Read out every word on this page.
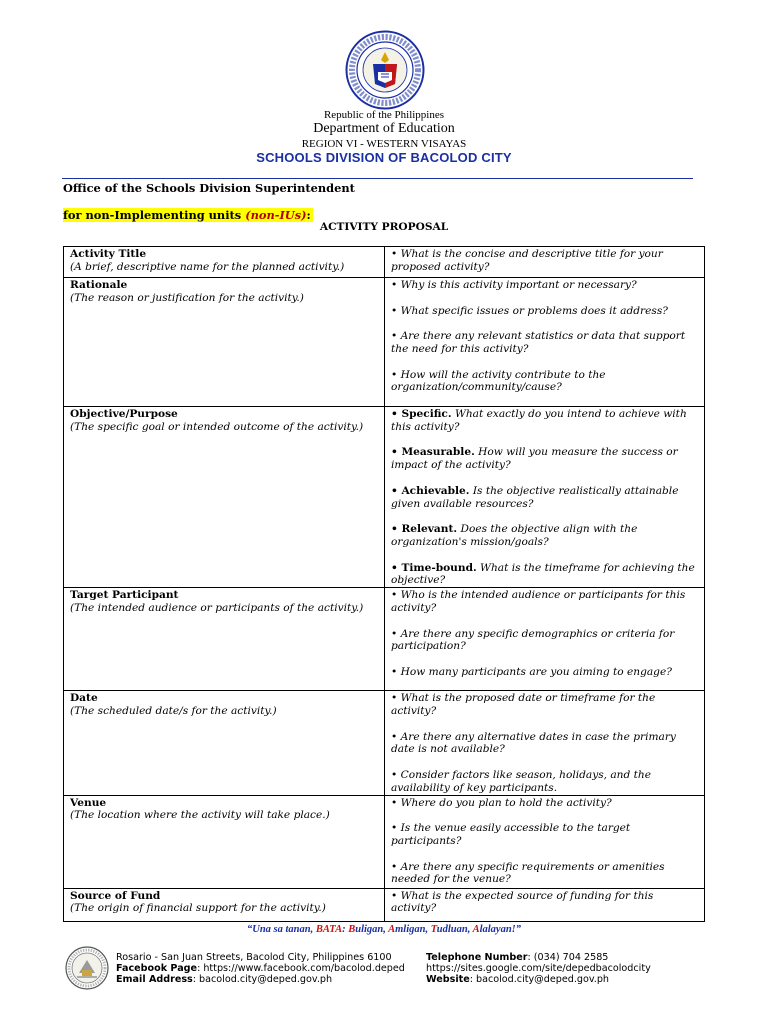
Republic of the Philippines
Department of Education
REGION VI - WESTERN VISAYAS
SCHOOLS DIVISION OF BACOLOD CITY
Office of the Schools Division Superintendent
for non-Implementing units (non-IUs):
ACTIVITY PROPOSAL
Activity Title
(A brief, descriptive name for the planned activity.)	• What is the concise and descriptive title for your proposed activity?

Rationale
(The reason or justification for the activity.)	• Why is this activity important or necessary?
• What specific issues or problems does it address?
• Are there any relevant statistics or data that support the need for this activity?
• How will the activity contribute to the organization/community/cause?

Objective/Purpose
(The specific goal or intended outcome of the activity.)	• Specific. What exactly do you intend to achieve with this activity?
• Measurable. How will you measure the success or impact of the activity?
• Achievable. Is the objective realistically attainable given available resources?
• Relevant. Does the objective align with the organization's mission/goals?
• Time-bound. What is the timeframe for achieving the objective?

Target Participant
(The intended audience or participants of the activity.)	• Who is the intended audience or participants for this activity?
• Are there any specific demographics or criteria for participation?
• How many participants are you aiming to engage?

Date
(The scheduled date/s for the activity.)	• What is the proposed date or timeframe for the activity?
• Are there any alternative dates in case the primary date is not available?
• Consider factors like season, holidays, and the availability of key participants.

Venue
(The location where the activity will take place.)	• Where do you plan to hold the activity?
• Is the venue easily accessible to the target participants?
• Are there any specific requirements or amenities needed for the venue?

Source of Fund
(The origin of financial support for the activity.)	• What is the expected source of funding for this activity?
“Una sa tanan, BATA: Buligan, Amligan, Tudluan, Alalayan!”
Rosario - San Juan Streets, Bacolod City, Philippines 6100
Facebook Page: https://www.facebook.com/bacolod.deped
Email Address: bacolod.city@deped.gov.ph
Telephone Number: (034) 704 2585
https://sites.google.com/site/depedbacolodcity
Website: bacolod.city@deped.gov.ph
